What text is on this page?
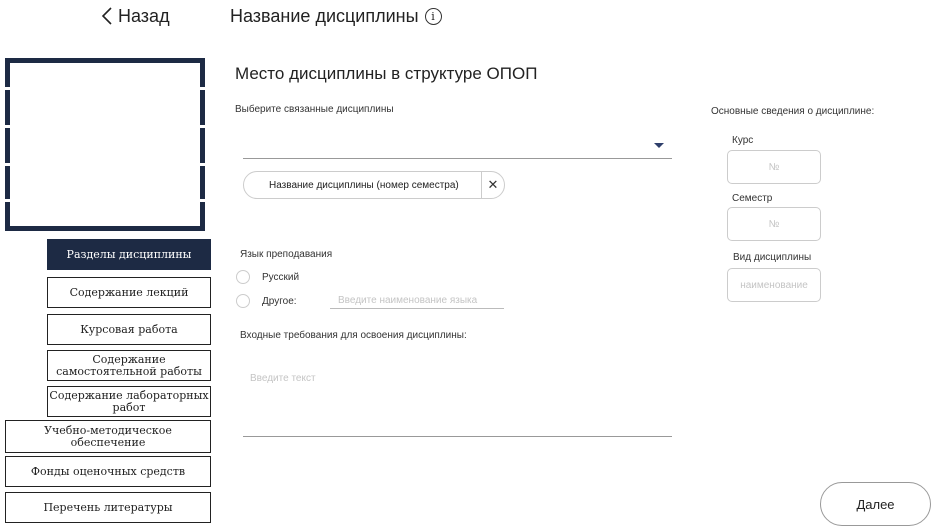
Назад	Название дисциплины	i
Разделы дисциплины
Содержание лекций
Курсовая работа
Содержание самостоятельной работы
Содержание лабораторных работ
Учебно-методическое обеспечение
Фонды оценочных средств
Перечень литературы
Место дисциплины в структуре ОПОП
Выберите связанные дисциплины
Название дисциплины (номер семестра)	✕
Язык преподавания
Русский
Другое:	Введите наименование языка
Входные требования для освоения дисциплины:
Введите текст
Основные сведения о дисциплине:
Курс
№
Семестр
№
Вид дисциплины
наименование
Далее
